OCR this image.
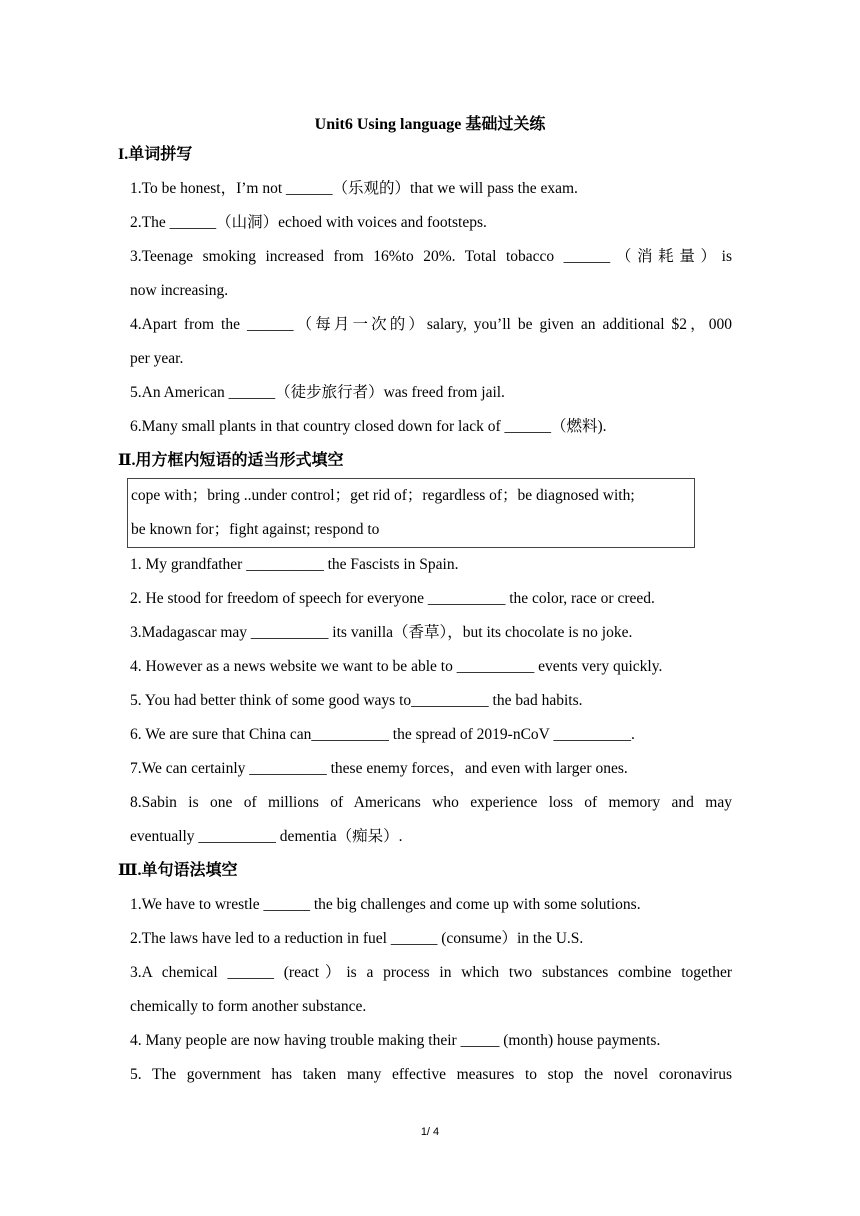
Unit6 Using language 基础过关练
I.单词拼写
1.To be honest，I’m not ______（乐观的）that we will pass the exam.
2.The ______（山洞）echoed with voices and footsteps.
3.Teenage smoking increased from 16%to 20%. Total tobacco ______（消耗量）is
now increasing.
4.Apart from the ______（每月一次的）salary, you’ll be given an additional $2，000
per year.
5.An American ______（徒步旅行者）was freed from jail.
6.Many small plants in that country closed down for lack of ______（燃料).
Ⅱ.用方框内短语的适当形式填空
cope with；bring ..under control；get rid of；regardless of；be diagnosed with;
be known for；fight against; respond to
1. My grandfather __________ the Fascists in Spain.
2. He stood for freedom of speech for everyone __________ the color, race or creed.
3.Madagascar may __________ its vanilla（香草），but its chocolate is no joke.
4. However as a news website we want to be able to __________ events very quickly.
5. You had better think of some good ways to__________ the bad habits.
6. We are sure that China can__________ the spread of 2019-nCoV __________.
7.We can certainly __________ these enemy forces，and even with larger ones.
8.Sabin is one of millions of Americans who experience loss of memory and may
eventually __________ dementia（痴呆）.
Ⅲ.单句语法填空
1.We have to wrestle ______ the big challenges and come up with some solutions.
2.The laws have led to a reduction in fuel ______ (consume）in the U.S.
3.A chemical ______ (react）is a process in which two substances combine together
chemically to form another substance.
4. Many people are now having trouble making their _____ (month) house payments.
5. The government has taken many effective measures to stop the novel coronavirus
1/ 4
